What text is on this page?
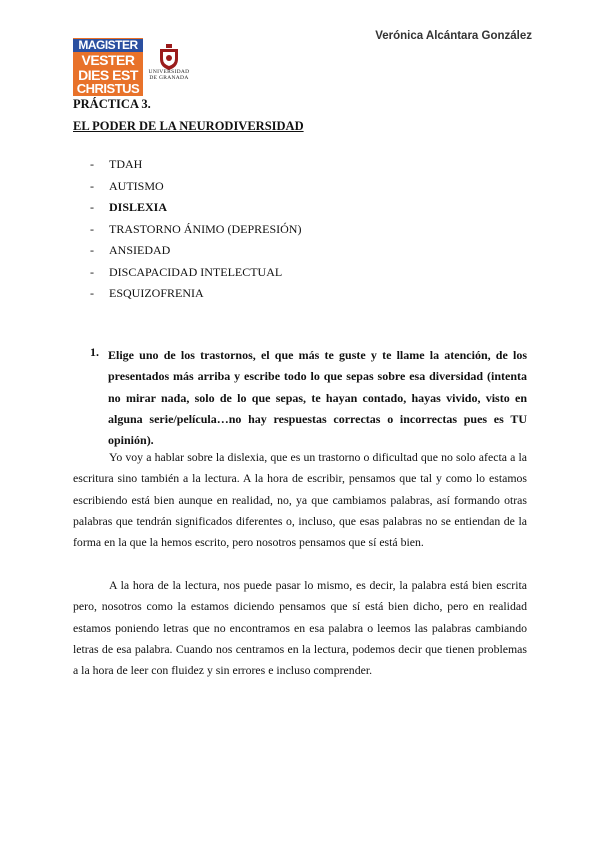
Verónica Alcántara González
MAGISTER
VESTER
DIES EST
CHRISTUS
UNIVERSIDAD
DE GRANADA
PRÁCTICA 3.
EL PODER DE LA NEURODIVERSIDAD
- TDAH
- AUTISMO
- DISLEXIA
- TRASTORNO ÁNIMO (DEPRESIÓN)
- ANSIEDAD
- DISCAPACIDAD INTELECTUAL
- ESQUIZOFRENIA
1. Elige uno de los trastornos, el que más te guste y te llame la atención, de los presentados más arriba y escribe todo lo que sepas sobre esa diversidad (intenta no mirar nada, solo de lo que sepas, te hayan contado, hayas vivido, visto en alguna serie/película…no hay respuestas correctas o incorrectas pues es TU opinión).

Yo voy a hablar sobre la dislexia, que es un trastorno o dificultad que no solo afecta a la escritura sino también a la lectura. A la hora de escribir, pensamos que tal y como lo estamos escribiendo está bien aunque en realidad, no, ya que cambiamos palabras, así formando otras palabras que tendrán significados diferentes o, incluso, que esas palabras no se entiendan de la forma en la que la hemos escrito, pero nosotros pensamos que sí está bien.

A la hora de la lectura, nos puede pasar lo mismo, es decir, la palabra está bien escrita pero, nosotros como la estamos diciendo pensamos que sí está bien dicho, pero en realidad estamos poniendo letras que no encontramos en esa palabra o leemos las palabras cambiando letras de esa palabra. Cuando nos centramos en la lectura, podemos decir que tienen problemas a la hora de leer con fluidez y sin errores e incluso comprender.
